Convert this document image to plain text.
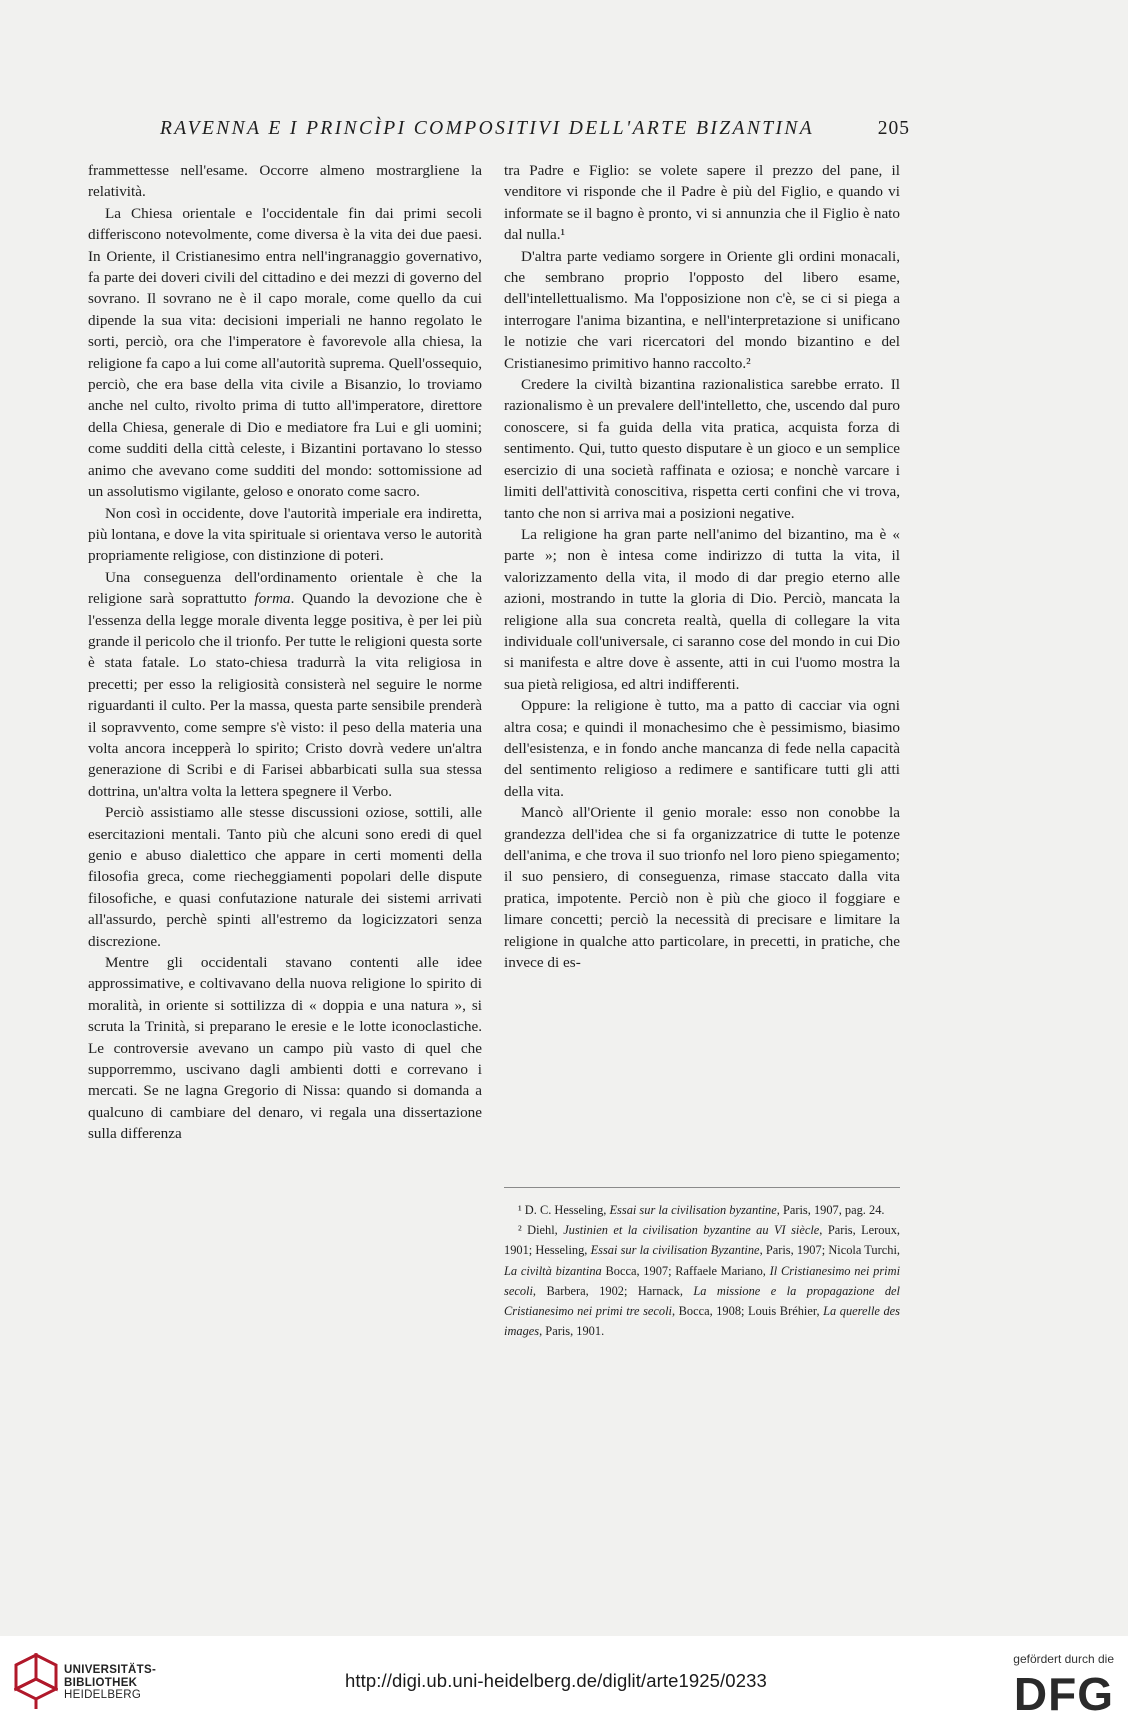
RAVENNA E I PRINCÌPI COMPOSITIVI DELL'ARTE BIZANTINA	205

frammettesse nell'esame. Occorre almeno mostrargliene la relatività.

La Chiesa orientale e l'occidentale fin dai primi secoli differiscono notevolmente, come diversa è la vita dei due paesi. In Oriente, il Cristianesimo entra nell'ingranaggio governativo, fa parte dei doveri civili del cittadino e dei mezzi di governo del sovrano. Il sovrano ne è il capo morale, come quello da cui dipende la sua vita: decisioni imperiali ne hanno regolato le sorti, perciò, ora che l'imperatore è favorevole alla chiesa, la religione fa capo a lui come all'autorità suprema. Quell'ossequio, perciò, che era base della vita civile a Bisanzio, lo troviamo anche nel culto, rivolto prima di tutto all'imperatore, direttore della Chiesa, generale di Dio e mediatore fra Lui e gli uomini; come sudditi della città celeste, i Bizantini portavano lo stesso animo che avevano come sudditi del mondo: sottomissione ad un assolutismo vigilante, geloso e onorato come sacro.

Non così in occidente, dove l'autorità imperiale era indiretta, più lontana, e dove la vita spirituale si orientava verso le autorità propriamente religiose, con distinzione di poteri.

Una conseguenza dell'ordinamento orientale è che la religione sarà soprattutto forma. Quando la devozione che è l'essenza della legge morale diventa legge positiva, è per lei più grande il pericolo che il trionfo. Per tutte le religioni questa sorte è stata fatale. Lo stato-chiesa tradurrà la vita religiosa in precetti; per esso la religiosità consisterà nel seguire le norme riguardanti il culto. Per la massa, questa parte sensibile prenderà il sopravvento, come sempre s'è visto: il peso della materia una volta ancora incepperà lo spirito; Cristo dovrà vedere un'altra generazione di Scribi e di Farisei abbarbicati sulla sua stessa dottrina, un'altra volta la lettera spegnere il Verbo.

Perciò assistiamo alle stesse discussioni oziose, sottili, alle esercitazioni mentali. Tanto più che alcuni sono eredi di quel genio e abuso dialettico che appare in certi momenti della filosofia greca, come riecheggiamenti popolari delle dispute filosofiche, e quasi confutazione naturale dei sistemi arrivati all'assurdo, perchè spinti all'estremo da logicizzatori senza discrezione.

Mentre gli occidentali stavano contenti alle idee approssimative, e coltivavano della nuova religione lo spirito di moralità, in oriente si sottilizza di « doppia e una natura », si scruta la Trinità, si preparano le eresie e le lotte iconoclastiche. Le controversie avevano un campo più vasto di quel che supporremmo, uscivano dagli ambienti dotti e correvano i mercati. Se ne lagna Gregorio di Nissa: quando si domanda a qualcuno di cambiare del denaro, vi regala una dissertazione sulla differenza

tra Padre e Figlio: se volete sapere il prezzo del pane, il venditore vi risponde che il Padre è più del Figlio, e quando vi informate se il bagno è pronto, vi si annunzia che il Figlio è nato dal nulla.¹

D'altra parte vediamo sorgere in Oriente gli ordini monacali, che sembrano proprio l'opposto del libero esame, dell'intellettualismo. Ma l'opposizione non c'è, se ci si piega a interrogare l'anima bizantina, e nell'interpretazione si unificano le notizie che vari ricercatori del mondo bizantino e del Cristianesimo primitivo hanno raccolto.²

Credere la civiltà bizantina razionalistica sarebbe errato. Il razionalismo è un prevalere dell'intelletto, che, uscendo dal puro conoscere, si fa guida della vita pratica, acquista forza di sentimento. Qui, tutto questo disputare è un gioco e un semplice esercizio di una società raffinata e oziosa; e nonchè varcare i limiti dell'attività conoscitiva, rispetta certi confini che vi trova, tanto che non si arriva mai a posizioni negative.

La religione ha gran parte nell'animo del bizantino, ma è « parte »; non è intesa come indirizzo di tutta la vita, il valorizzamento della vita, il modo di dar pregio eterno alle azioni, mostrando in tutte la gloria di Dio. Perciò, mancata la religione alla sua concreta realtà, quella di collegare la vita individuale coll'universale, ci saranno cose del mondo in cui Dio si manifesta e altre dove è assente, atti in cui l'uomo mostra la sua pietà religiosa, ed altri indifferenti.

Oppure: la religione è tutto, ma a patto di cacciar via ogni altra cosa; e quindi il monachesimo che è pessimismo, biasimo dell'esistenza, e in fondo anche mancanza di fede nella capacità del sentimento religioso a redimere e santificare tutti gli atti della vita.

Mancò all'Oriente il genio morale: esso non conobbe la grandezza dell'idea che si fa organizzatrice di tutte le potenze dell'anima, e che trova il suo trionfo nel loro pieno spiegamento; il suo pensiero, di conseguenza, rimase staccato dalla vita pratica, impotente. Perciò non è più che gioco il foggiare e limare concetti; perciò la necessità di precisare e limitare la religione in qualche atto particolare, in precetti, in pratiche, che invece di es-

¹ D. C. Hesseling, Essai sur la civilisation byzantine, Paris, 1907, pag. 24.

² Diehl, Justinien et la civilisation byzantine au VI siècle, Paris, Leroux, 1901; Hesseling, Essai sur la civilisation Byzantine, Paris, 1907; Nicola Turchi, La civiltà bizantina Bocca, 1907; Raffaele Mariano, Il Cristianesimo nei primi secoli, Barbera, 1902; Harnack, La missione e la propagazione del Cristianesimo nei primi tre secoli, Bocca, 1908; Louis Bréhier, La querelle des images, Paris, 1901.

UNIVERSITÄTS-
BIBLIOTHEK
HEIDELBERG
http://digi.ub.uni-heidelberg.de/diglit/arte1925/0233
gefördert durch die
DFG
